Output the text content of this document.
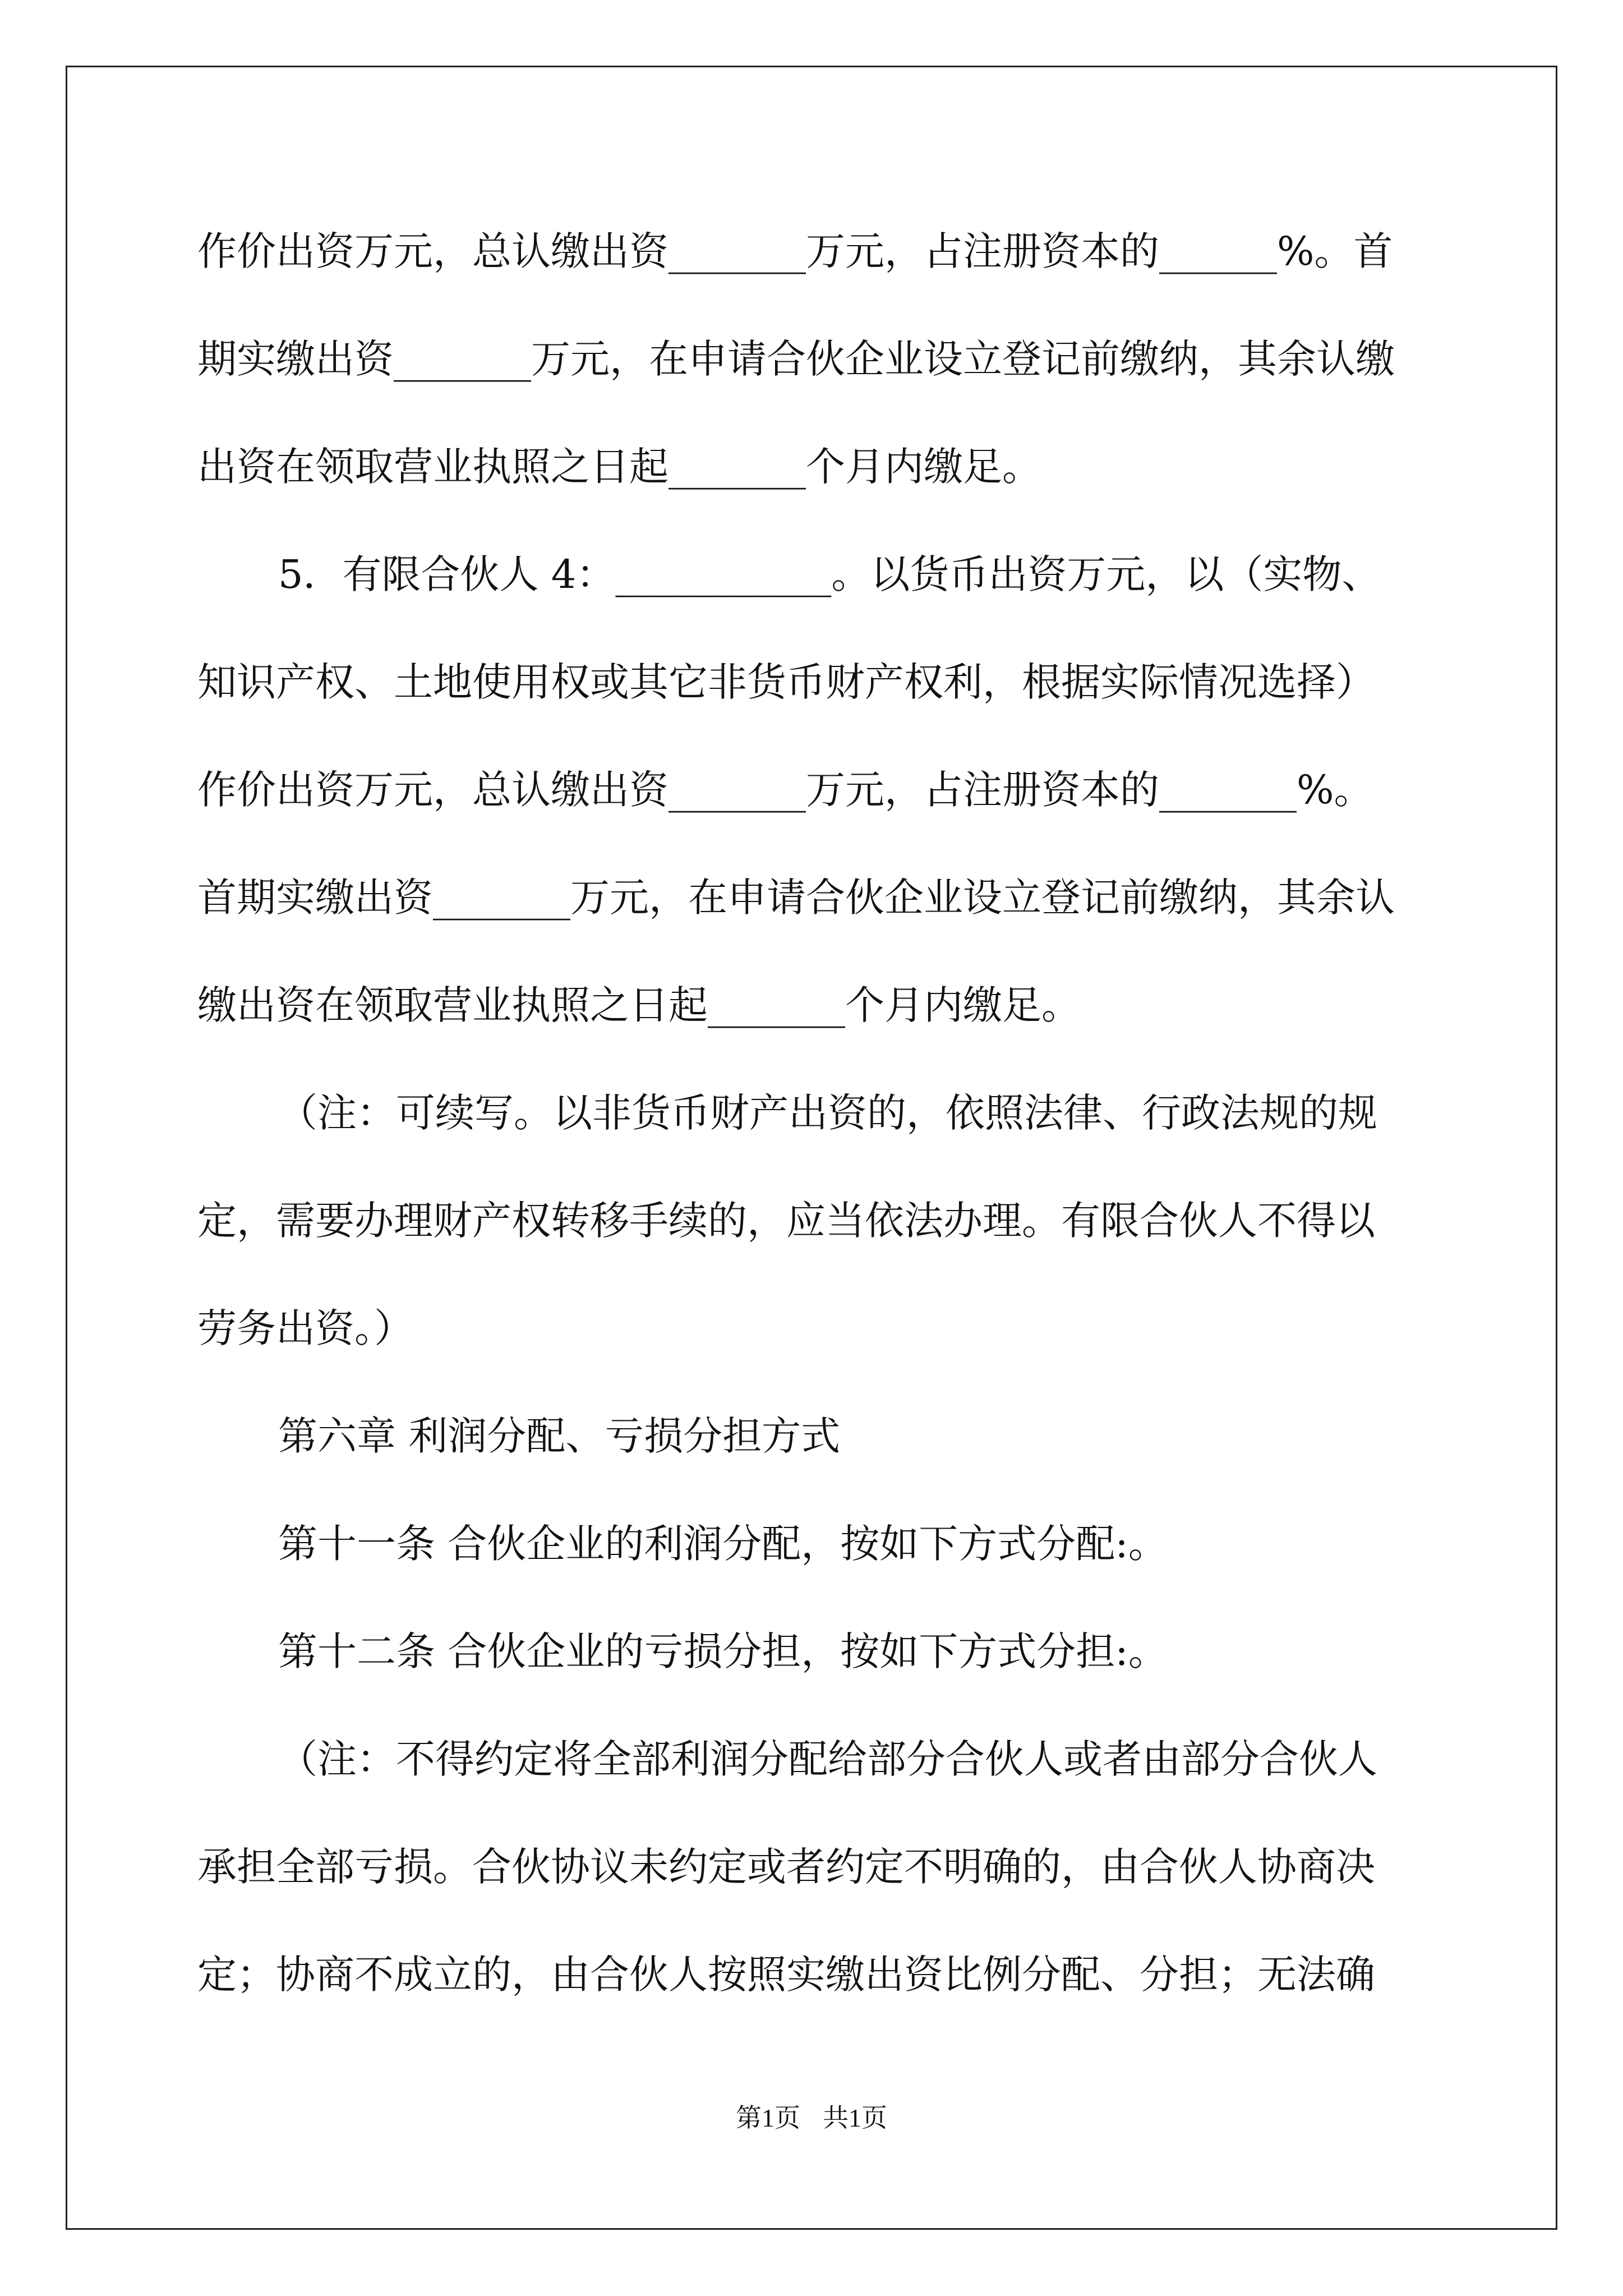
作价出资万元，总认缴出资_______万元，占注册资本的______%。首
期实缴出资_______万元，在申请合伙企业设立登记前缴纳，其余认缴
出资在领取营业执照之日起_______个月内缴足。
5．有限合伙人 4：___________。以货币出资万元，以（实物、
知识产权、土地使用权或其它非货币财产权利，根据实际情况选择）
作价出资万元，总认缴出资_______万元，占注册资本的_______%。
首期实缴出资_______万元，在申请合伙企业设立登记前缴纳，其余认
缴出资在领取营业执照之日起_______个月内缴足。
（注：可续写。以非货币财产出资的，依照法律、行政法规的规
定，需要办理财产权转移手续的，应当依法办理。有限合伙人不得以
劳务出资。）
第六章 利润分配、亏损分担方式
第十一条 合伙企业的利润分配，按如下方式分配:。
第十二条 合伙企业的亏损分担，按如下方式分担:。
（注：不得约定将全部利润分配给部分合伙人或者由部分合伙人
承担全部亏损。合伙协议未约定或者约定不明确的，由合伙人协商决
定；协商不成立的，由合伙人按照实缴出资比例分配、分担；无法确
第1页 共1页
